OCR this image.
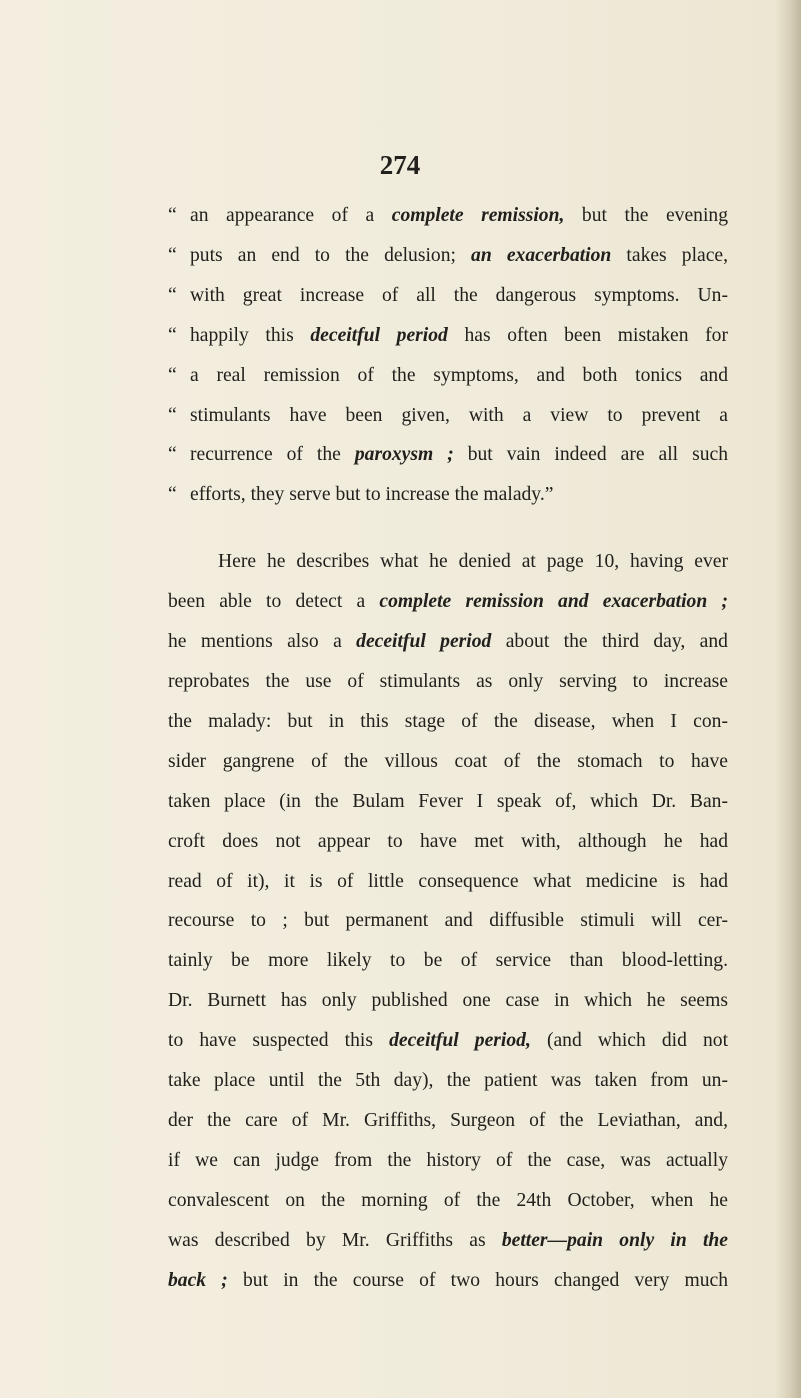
274
“ an appearance of a complete remission, but the evening
“ puts an end to the delusion; an exacerbation takes place,
“ with great increase of all the dangerous symptoms. Un-
“ happily this deceitful period has often been mistaken for
“ a real remission of the symptoms, and both tonics and
“ stimulants have been given, with a view to prevent a
“ recurrence of the paroxysm ; but vain indeed are all such
“ efforts, they serve but to increase the malady.”
Here he describes what he denied at page 10, having ever
been able to detect a complete remission and exacerbation ;
he mentions also a deceitful period about the third day, and
reprobates the use of stimulants as only serving to increase
the malady: but in this stage of the disease, when I con-
sider gangrene of the villous coat of the stomach to have
taken place (in the Bulam Fever I speak of, which Dr. Ban-
croft does not appear to have met with, although he had
read of it), it is of little consequence what medicine is had
recourse to ; but permanent and diffusible stimuli will cer-
tainly be more likely to be of service than blood-letting.
Dr. Burnett has only published one case in which he seems
to have suspected this deceitful period, (and which did not
take place until the 5th day), the patient was taken from un-
der the care of Mr. Griffiths, Surgeon of the Leviathan, and,
if we can judge from the history of the case, was actually
convalescent on the morning of the 24th October, when he
was described by Mr. Griffiths as better—pain only in the
back ; but in the course of two hours changed very much
